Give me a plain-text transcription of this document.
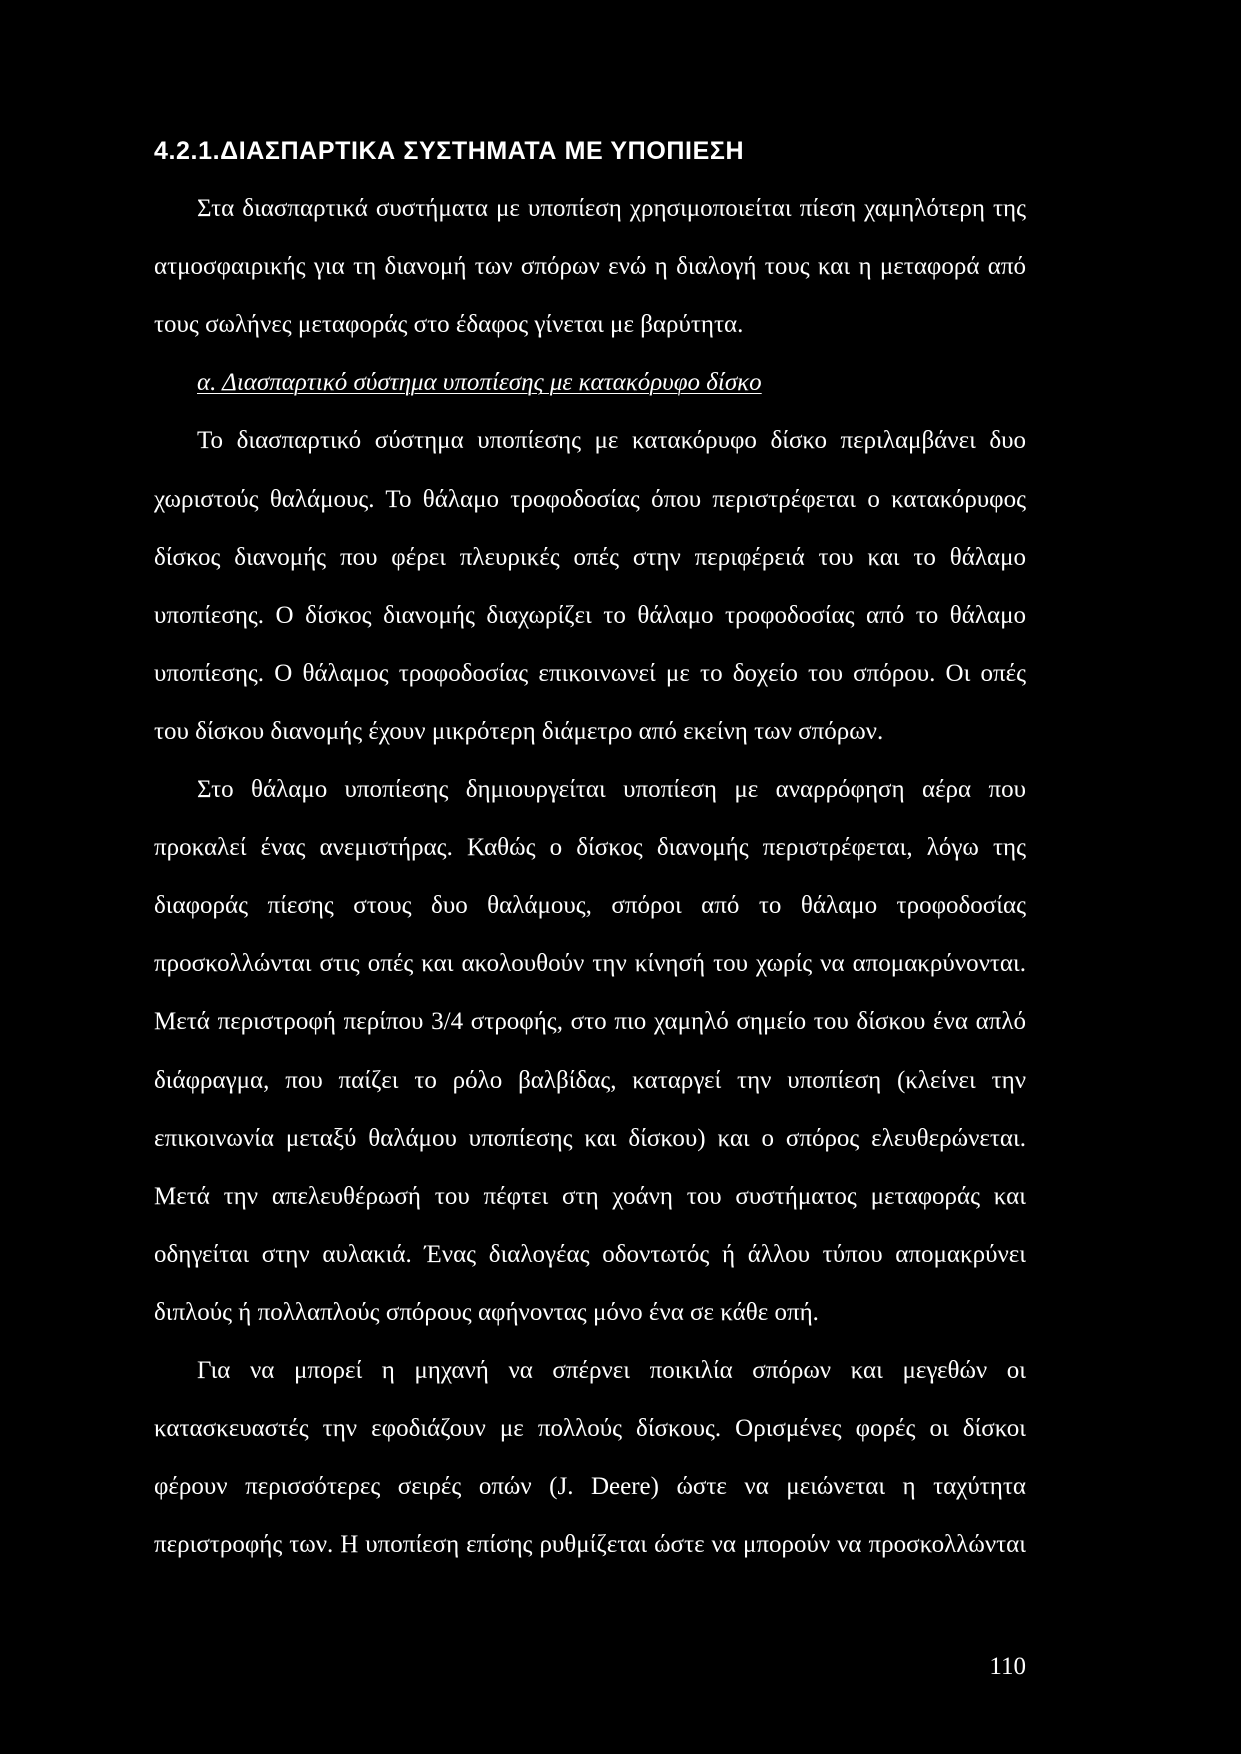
4.2.1.ΔΙΑΣΠΑΡΤΙΚΑ ΣΥΣΤΗΜΑΤΑ ΜΕ ΥΠΟΠΙΕΣΗ
Στα διασπαρτικά συστήματα με υποπίεση χρησιμοποιείται πίεση χαμηλότερη της
ατμοσφαιρικής για τη διανομή των σπόρων ενώ η διαλογή τους και η μεταφορά από
τους σωλήνες μεταφοράς στο έδαφος γίνεται με βαρύτητα.
α. Διασπαρτικό σύστημα υποπίεσης με κατακόρυφο δίσκο
Το διασπαρτικό σύστημα υποπίεσης με κατακόρυφο δίσκο περιλαμβάνει δυο
χωριστούς θαλάμους. Το θάλαμο τροφοδοσίας όπου περιστρέφεται ο κατακόρυφος
δίσκος διανομής που φέρει πλευρικές οπές στην περιφέρειά του και το θάλαμο
υποπίεσης. Ο δίσκος διανομής διαχωρίζει το θάλαμο τροφοδοσίας από το θάλαμο
υποπίεσης. Ο θάλαμος τροφοδοσίας επικοινωνεί με το δοχείο του σπόρου. Οι οπές
του δίσκου διανομής έχουν μικρότερη διάμετρο από εκείνη των σπόρων.
Στο θάλαμο υποπίεσης δημιουργείται υποπίεση με αναρρόφηση αέρα που
προκαλεί ένας ανεμιστήρας. Καθώς ο δίσκος διανομής περιστρέφεται, λόγω της
διαφοράς πίεσης στους δυο θαλάμους, σπόροι από το θάλαμο τροφοδοσίας
προσκολλώνται στις οπές και ακολουθούν την κίνησή του χωρίς να απομακρύνονται.
Μετά περιστροφή περίπου 3/4 στροφής, στο πιο χαμηλό σημείο του δίσκου ένα απλό
διάφραγμα, που παίζει το ρόλο βαλβίδας, καταργεί την υποπίεση (κλείνει την
επικοινωνία μεταξύ θαλάμου υποπίεσης και δίσκου) και ο σπόρος ελευθερώνεται.
Μετά την απελευθέρωσή του πέφτει στη χοάνη του συστήματος μεταφοράς και
οδηγείται στην αυλακιά. Ένας διαλογέας οδοντωτός ή άλλου τύπου απομακρύνει
διπλούς ή πολλαπλούς σπόρους αφήνοντας μόνο ένα σε κάθε οπή.
Για να μπορεί η μηχανή να σπέρνει ποικιλία σπόρων και μεγεθών οι
κατασκευαστές την εφοδιάζουν με πολλούς δίσκους. Ορισμένες φορές οι δίσκοι
φέρουν περισσότερες σειρές οπών (J. Deere) ώστε να μειώνεται η ταχύτητα
περιστροφής των. Η υποπίεση επίσης ρυθμίζεται ώστε να μπορούν να προσκολλώνται
110
